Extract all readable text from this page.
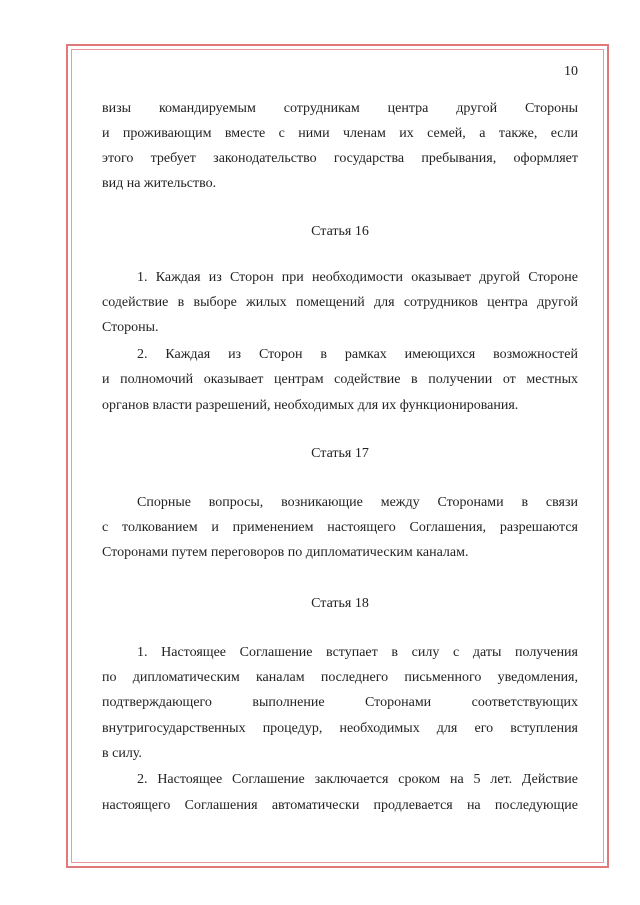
10
визы командируемым сотрудникам центра другой Стороны
и проживающим вместе с ними членам их семей, а также, если
этого требует законодательство государства пребывания, оформляет
вид на жительство.
Статья 16
1. Каждая из Сторон при необходимости оказывает другой Стороне
содействие в выборе жилых помещений для сотрудников центра другой
Стороны.
2. Каждая из Сторон в рамках имеющихся возможностей
и полномочий оказывает центрам содействие в получении от местных
органов власти разрешений, необходимых для их функционирования.
Статья 17
Спорные вопросы, возникающие между Сторонами в связи
с толкованием и применением настоящего Соглашения, разрешаются
Сторонами путем переговоров по дипломатическим каналам.
Статья 18
1. Настоящее Соглашение вступает в силу с даты получения
по дипломатическим каналам последнего письменного уведомления,
подтверждающего выполнение Сторонами соответствующих
внутригосударственных процедур, необходимых для его вступления
в силу.
2. Настоящее Соглашение заключается сроком на 5 лет. Действие
настоящего Соглашения автоматически продлевается на последующие
